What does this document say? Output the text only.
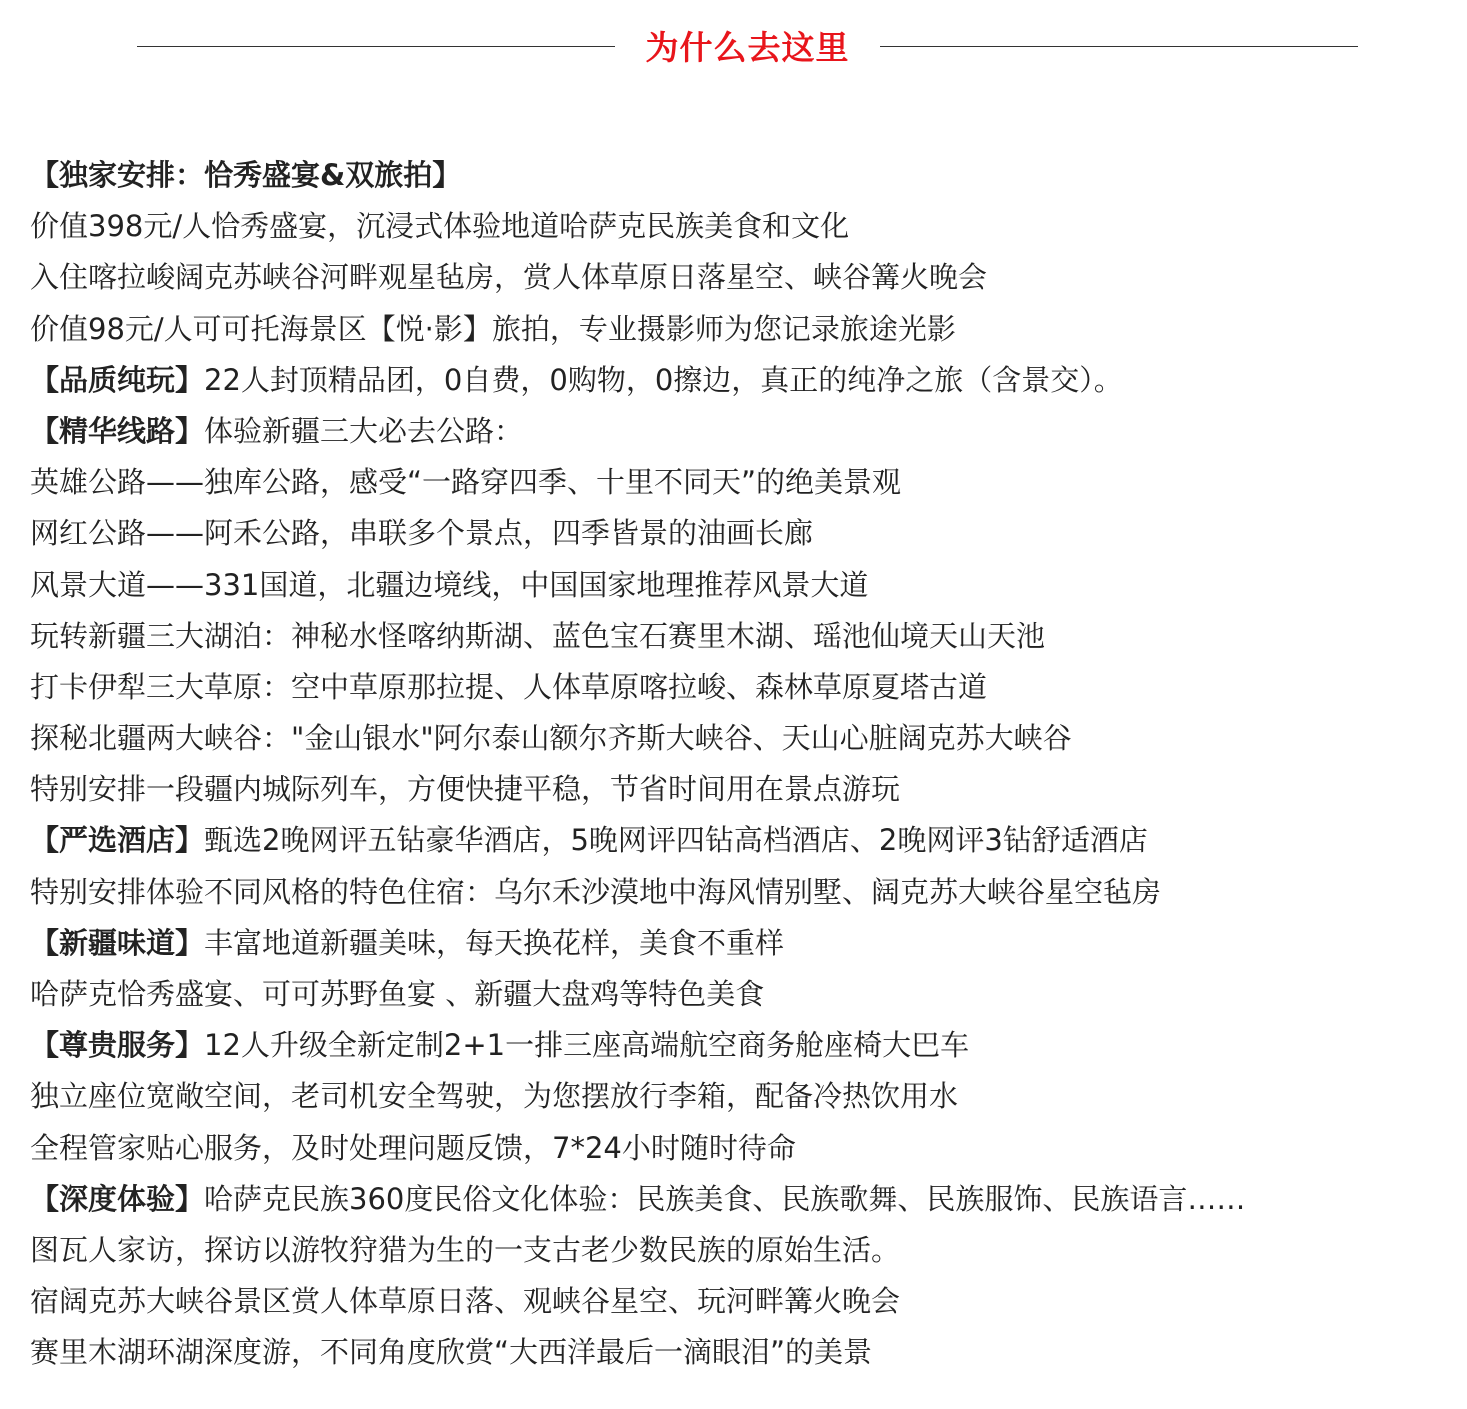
为什么去这里
【独家安排：恰秀盛宴&双旅拍】
价值398元/人恰秀盛宴，沉浸式体验地道哈萨克民族美食和文化
入住喀拉峻阔克苏峡谷河畔观星毡房，赏人体草原日落星空、峡谷篝火晚会
价值98元/人可可托海景区【悦·影】旅拍，专业摄影师为您记录旅途光影
【品质纯玩】22人封顶精品团，0自费，0购物，0擦边，真正的纯净之旅（含景交）。
【精华线路】体验新疆三大必去公路：
英雄公路——独库公路，感受“一路穿四季、十里不同天”的绝美景观
网红公路——阿禾公路，串联多个景点，四季皆景的油画长廊
风景大道——331国道，北疆边境线，中国国家地理推荐风景大道
玩转新疆三大湖泊：神秘水怪喀纳斯湖、蓝色宝石赛里木湖、瑶池仙境天山天池
打卡伊犁三大草原：空中草原那拉提、人体草原喀拉峻、森林草原夏塔古道
探秘北疆两大峡谷："金山银水"阿尔泰山额尔齐斯大峡谷、天山心脏阔克苏大峡谷
特别安排一段疆内城际列车，方便快捷平稳，节省时间用在景点游玩
【严选酒店】甄选2晚网评五钻豪华酒店，5晚网评四钻高档酒店、2晚网评3钻舒适酒店
特别安排体验不同风格的特色住宿：乌尔禾沙漠地中海风情别墅、阔克苏大峡谷星空毡房
【新疆味道】丰富地道新疆美味，每天换花样，美食不重样
哈萨克恰秀盛宴、可可苏野鱼宴 、新疆大盘鸡等特色美食
【尊贵服务】12人升级全新定制2+1一排三座高端航空商务舱座椅大巴车
独立座位宽敞空间，老司机安全驾驶，为您摆放行李箱，配备冷热饮用水
全程管家贴心服务，及时处理问题反馈，7*24小时随时待命
【深度体验】哈萨克民族360度民俗文化体验：民族美食、民族歌舞、民族服饰、民族语言……
图瓦人家访，探访以游牧狩猎为生的一支古老少数民族的原始生活。
宿阔克苏大峡谷景区赏人体草原日落、观峡谷星空、玩河畔篝火晚会
赛里木湖环湖深度游，不同角度欣赏“大西洋最后一滴眼泪”的美景
